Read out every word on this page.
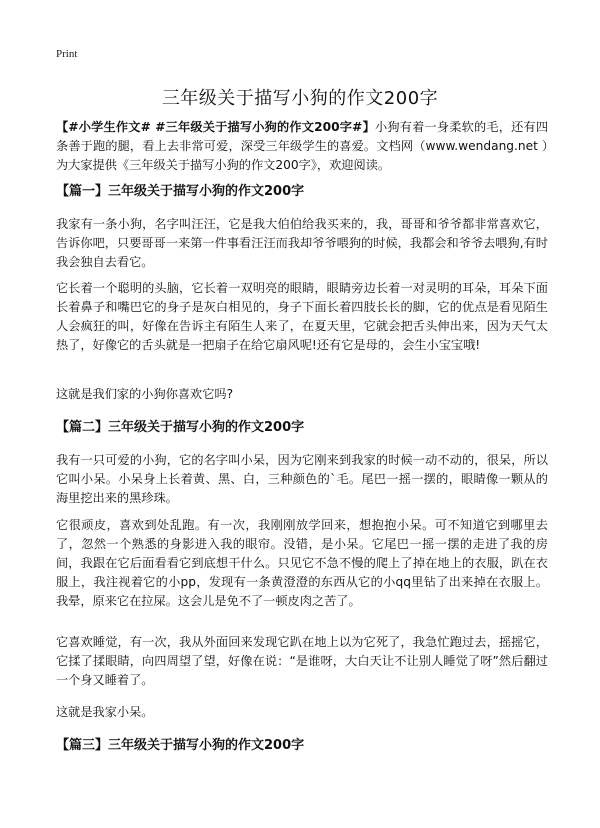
Print
三年级关于描写小狗的作文200字

【#小学生作文# #三年级关于描写小狗的作文200字#】小狗有着一身柔软的毛，还有四条善于跑的腿，看上去非常可爱，深受三年级学生的喜爱。文档网（www.wendang.net ）为大家提供《三年级关于描写小狗的作文200字》，欢迎阅读。

【篇一】三年级关于描写小狗的作文200字

我家有一条小狗，名字叫汪汪，它是我大伯伯给我买来的，我，哥哥和爷爷都非常喜欢它，告诉你吧，只要哥哥一来第一件事看汪汪而我却爷爷喂狗的时候，我都会和爷爷去喂狗,有时我会独自去看它。

它长着一个聪明的头脑，它长着一双明亮的眼睛，眼睛旁边长着一对灵明的耳朵，耳朵下面长着鼻子和嘴巴它的身子是灰白相见的，身子下面长着四肢长长的脚，它的优点是看见陌生人会疯狂的叫，好像在告诉主有陌生人来了，在夏天里，它就会把舌头伸出来，因为天气太热了，好像它的舌头就是一把扇子在给它扇风呢!还有它是母的，会生小宝宝哦!

这就是我们家的小狗你喜欢它吗?

【篇二】三年级关于描写小狗的作文200字

我有一只可爱的小狗，它的名字叫小呆，因为它刚来到我家的时候一动不动的，很呆，所以它叫小呆。小呆身上长着黄、黑、白，三种颜色的`毛。尾巴一摇一摆的，眼睛像一颗从的海里挖出来的黑珍珠。

它很顽皮，喜欢到处乱跑。有一次，我刚刚放学回来，想抱抱小呆。可不知道它到哪里去了，忽然一个熟悉的身影进入我的眼帘。没错，是小呆。它尾巴一摇一摆的走进了我的房间，我跟在它后面看看它到底想干什么。只见它不急不慢的爬上了掉在地上的衣服，趴在衣服上，我注视着它的小pp，发现有一条黄澄澄的东西从它的小qq里钻了出来掉在衣服上。我晕，原来它在拉屎。这会儿是免不了一顿皮肉之苦了。

它喜欢睡觉，有一次，我从外面回来发现它趴在地上以为它死了，我急忙跑过去，摇摇它，它揉了揉眼睛，向四周望了望，好像在说：“是谁呀，大白天让不让别人睡觉了呀”然后翻过一个身又睡着了。

这就是我家小呆。

【篇三】三年级关于描写小狗的作文200字
